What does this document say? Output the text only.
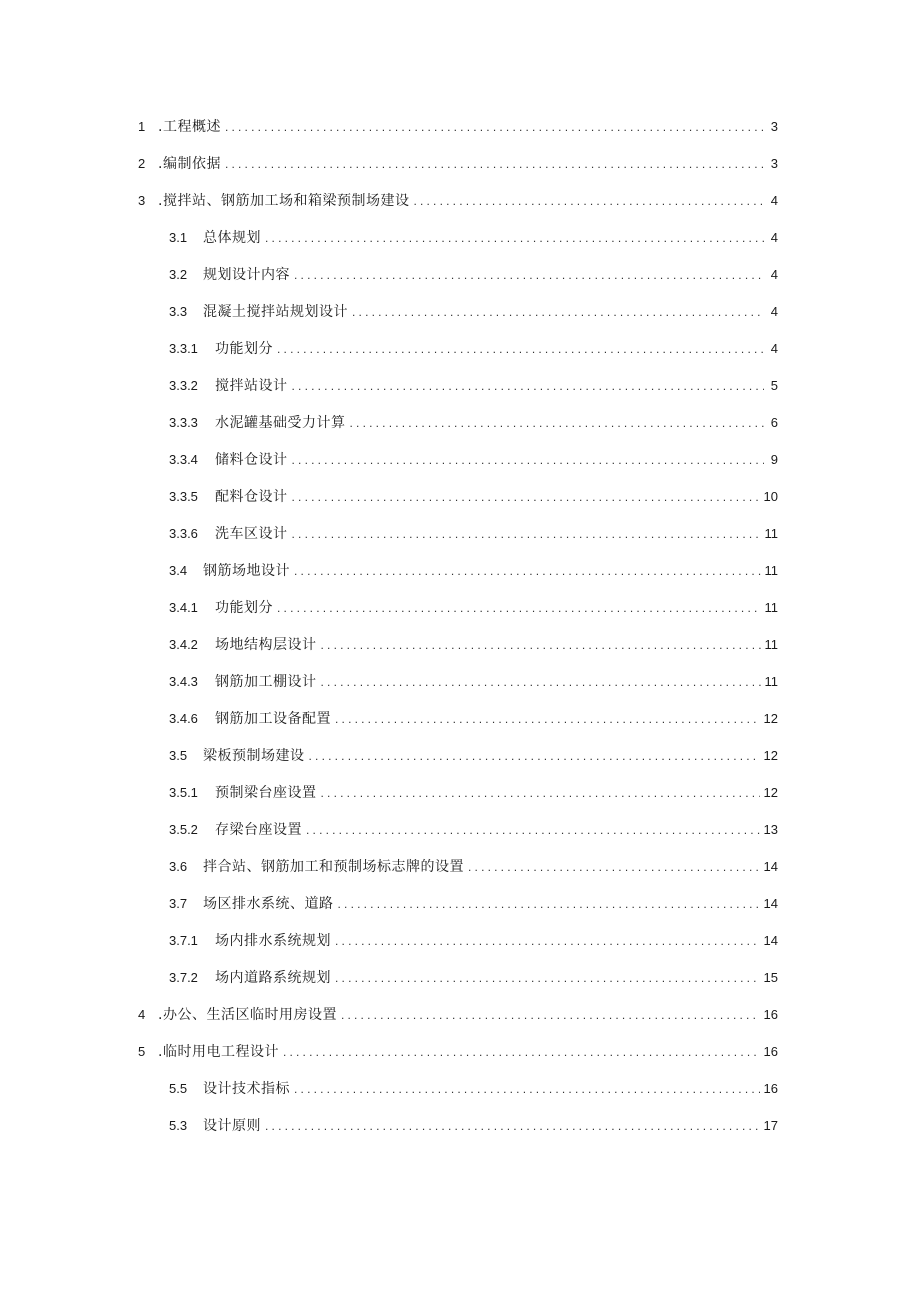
1 .工程概述 .....	3
2 .编制依据 .....	3
3 .搅拌站、钢筋加工场和箱梁预制场建设 .....	4
3.1	总体规划 .....	4
3.2	规划设计内容 .....	4
3.3	混凝土搅拌站规划设计 .....	4
3.3.1	功能划分 .....	4
3.3.2	搅拌站设计 .....	5
3.3.3	水泥罐基础受力计算 .....	6
3.3.4	储料仓设计 .....	9
3.3.5	配料仓设计 .....	10
3.3.6	洗车区设计 .....	11
3.4	钢筋场地设计 .....	11
3.4.1	功能划分 .....	11
3.4.2	场地结构层设计 .....	11
3.4.3	钢筋加工棚设计 .....	11
3.4.6	钢筋加工设备配置 .....	12
3.5	梁板预制场建设 .....	12
3.5.1	预制梁台座设置 .....	12
3.5.2	存梁台座设置 .....	13
3.6	拌合站、钢筋加工和预制场标志牌的设置 .....	14
3.7	场区排水系统、道路 .....	14
3.7.1	场内排水系统规划 .....	14
3.7.2	场内道路系统规划 .....	15
4 .办公、生活区临时用房设置 .....	16
5 .临时用电工程设计 .....	16
5.5	设计技术指标 .....	16
5.3	设计原则 .....	17
